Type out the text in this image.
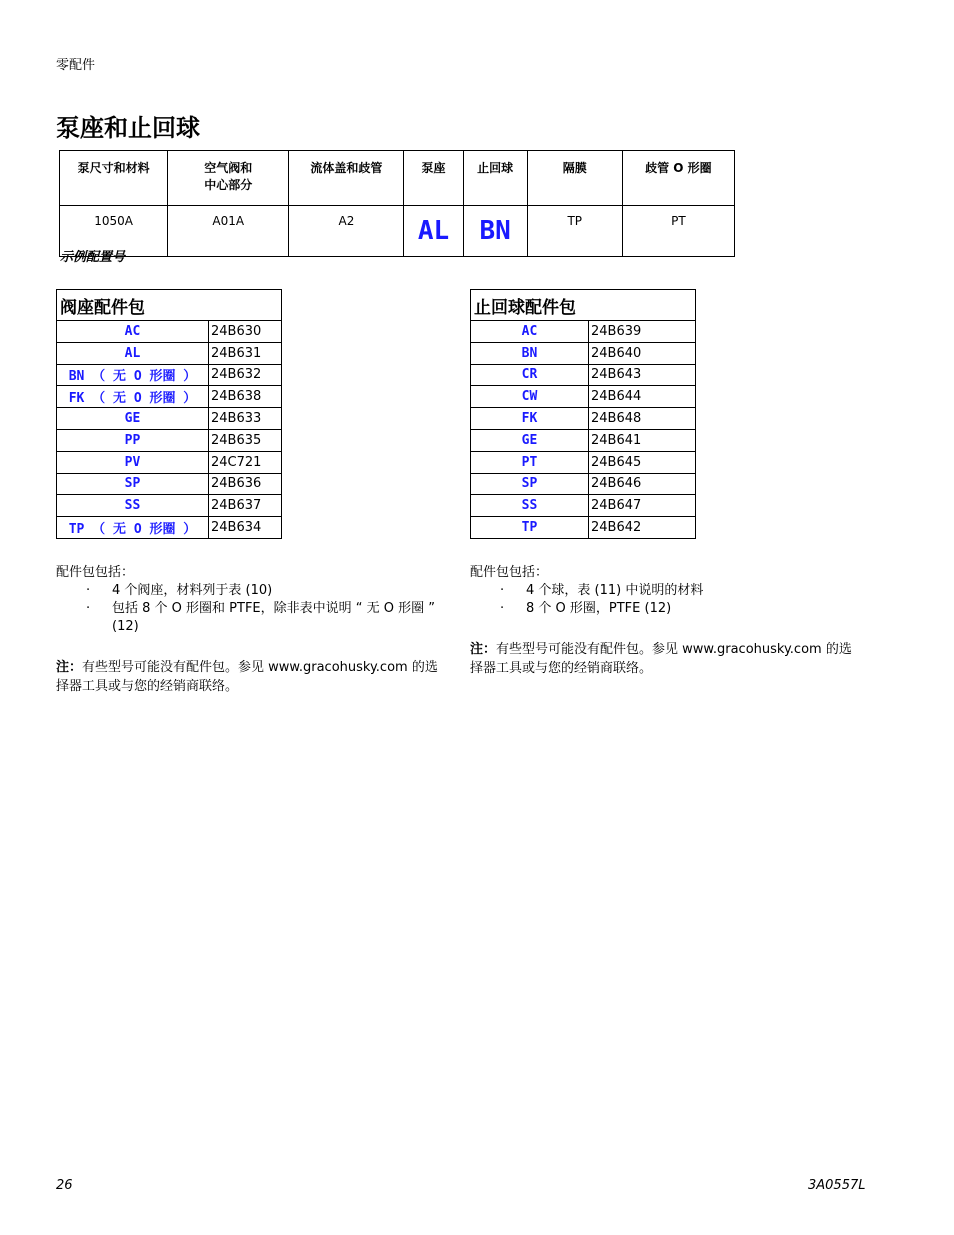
零配件
泵座和止回球
泵尺寸和材料	空气阀和
中心部分	流体盖和歧管	泵座	止回球	隔膜	歧管 O 形圈
1050A	A01A	A2	AL	BN	TP	PT
示例配置号
阀座配件包	
AC	24B630
AL	24B631
BN （ 无 O 形圈 ）	24B632
FK （ 无 O 形圈 ）	24B638
GE	24B633
PP	24B635
PV	24C721
SP	24B636
SS	24B637
TP （ 无 O 形圈 ）	24B634
止回球配件包	
AC	24B639
BN	24B640
CR	24B643
CW	24B644
FK	24B648
GE	24B641
PT	24B645
SP	24B646
SS	24B647
TP	24B642
配件包包括：
· 4 个阀座，材料列于表 (10)
· 包括 8 个 O 形圈和 PTFE，除非表中说明 “ 无 O 形圈 ” (12)
注：有些型号可能没有配件包。参见 www.gracohusky.com 的选择器工具或与您的经销商联络。
配件包包括：
· 4 个球，表 (11) 中说明的材料
· 8 个 O 形圈，PTFE (12)
注：有些型号可能没有配件包。参见 www.gracohusky.com 的选择器工具或与您的经销商联络。
26	3A0557L
